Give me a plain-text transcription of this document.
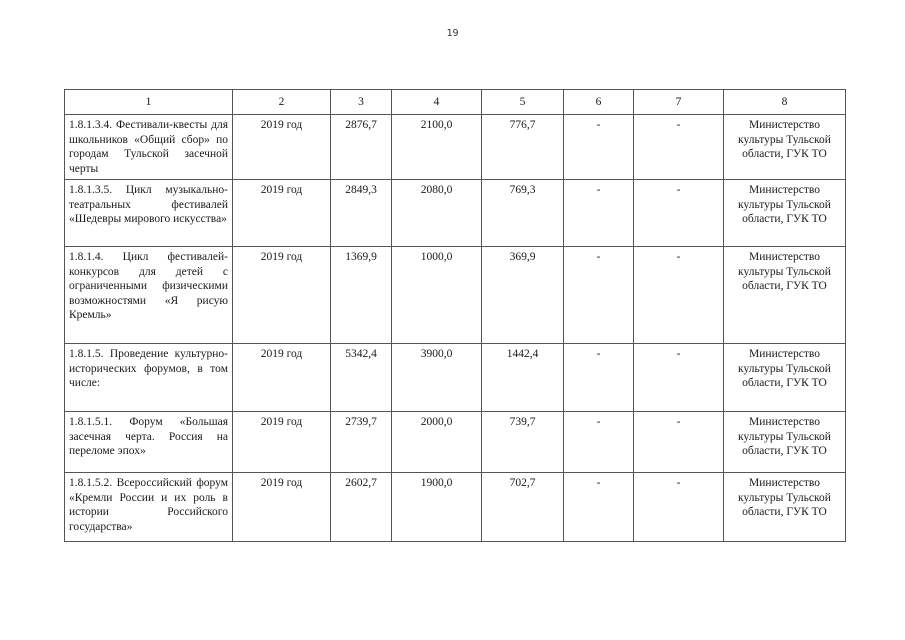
19
1	2	3	4	5	6	7	8
1.8.1.3.4. Фестивали-квесты для школьников «Общий сбор» по городам Тульской засечной черты	2019 год	2876,7	2100,0	776,7	-	-	Министерство культуры Тульской области, ГУК ТО
1.8.1.3.5. Цикл музыкально-театральных фестивалей «Шедевры мирового искусства»	2019 год	2849,3	2080,0	769,3	-	-	Министерство культуры Тульской области, ГУК ТО
1.8.1.4. Цикл фестивалей-конкурсов для детей с ограниченными физическими возможностями «Я рисую Кремль»	2019 год	1369,9	1000,0	369,9	-	-	Министерство культуры Тульской области, ГУК ТО
1.8.1.5. Проведение культурно-исторических форумов, в том числе:	2019 год	5342,4	3900,0	1442,4	-	-	Министерство культуры Тульской области, ГУК ТО
1.8.1.5.1. Форум «Большая засечная черта. Россия на переломе эпох»	2019 год	2739,7	2000,0	739,7	-	-	Министерство культуры Тульской области, ГУК ТО
1.8.1.5.2. Всероссийский форум «Кремли России и их роль в истории Российского государства»	2019 год	2602,7	1900,0	702,7	-	-	Министерство культуры Тульской области, ГУК ТО
